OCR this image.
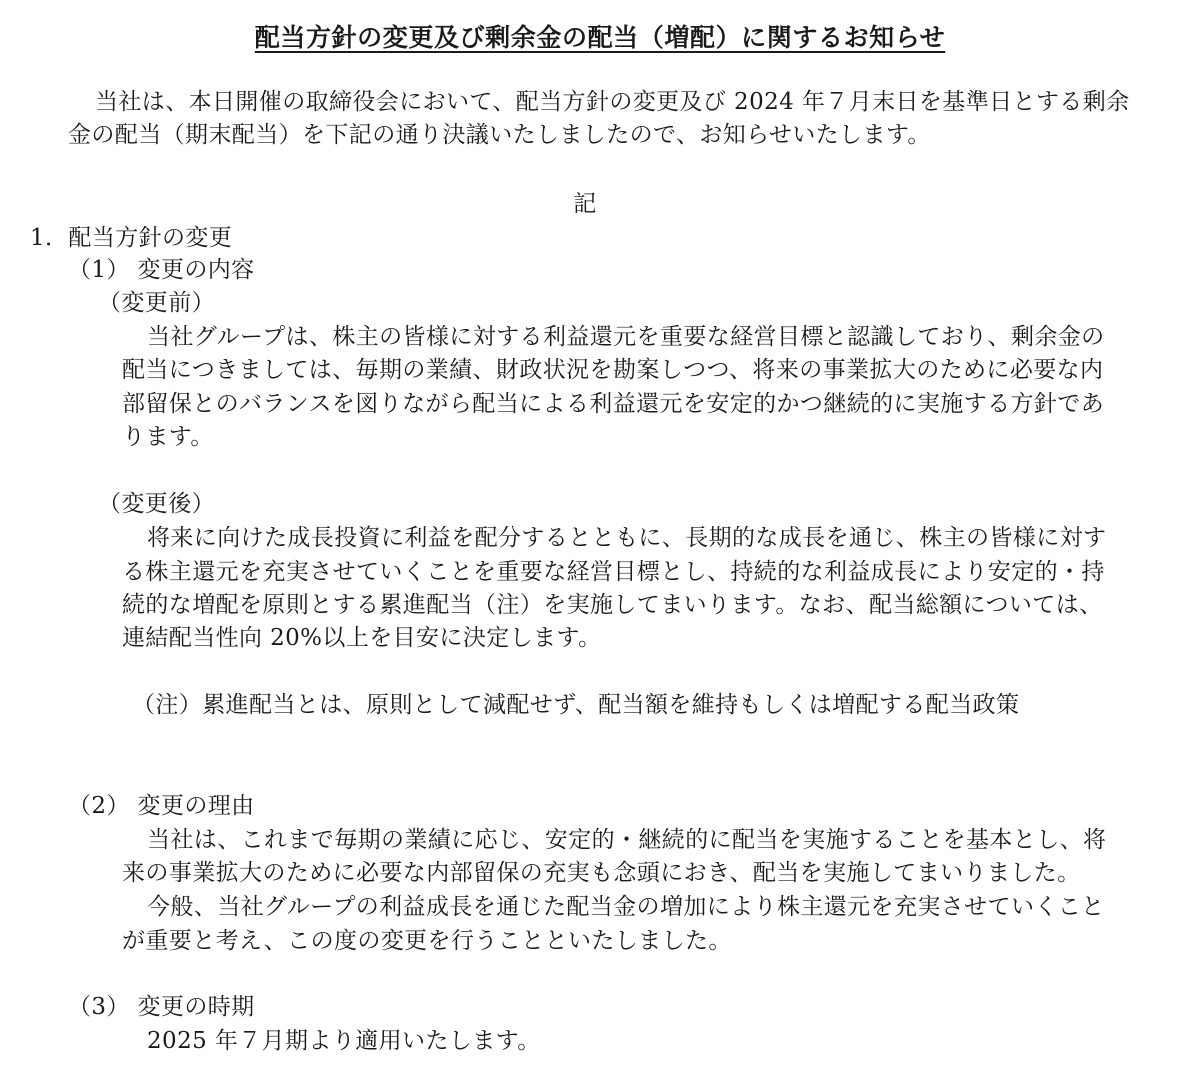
配当方針の変更及び剰余金の配当（増配）に関するお知らせ
当社は、本日開催の取締役会において、配当方針の変更及び 2024 年７月末日を基準日とする剰余
金の配当（期末配当）を下記の通り決議いたしましたので、お知らせいたします。
記
1．配当方針の変更
（1） 変更の内容
（変更前）
当社グループは、株主の皆様に対する利益還元を重要な経営目標と認識しており、剰余金の
配当につきましては、毎期の業績、財政状況を勘案しつつ、将来の事業拡大のために必要な内
部留保とのバランスを図りながら配当による利益還元を安定的かつ継続的に実施する方針であ
ります。
（変更後）
将来に向けた成長投資に利益を配分するとともに、長期的な成長を通じ、株主の皆様に対す
る株主還元を充実させていくことを重要な経営目標とし、持続的な利益成長により安定的・持
続的な増配を原則とする累進配当（注）を実施してまいります。なお、配当総額については、
連結配当性向 20%以上を目安に決定します。
（注）累進配当とは、原則として減配せず、配当額を維持もしくは増配する配当政策
（2） 変更の理由
当社は、これまで毎期の業績に応じ、安定的・継続的に配当を実施することを基本とし、将
来の事業拡大のために必要な内部留保の充実も念頭におき、配当を実施してまいりました。
今般、当社グループの利益成長を通じた配当金の増加により株主還元を充実させていくこと
が重要と考え、この度の変更を行うことといたしました。
（3） 変更の時期
2025 年７月期より適用いたします。
